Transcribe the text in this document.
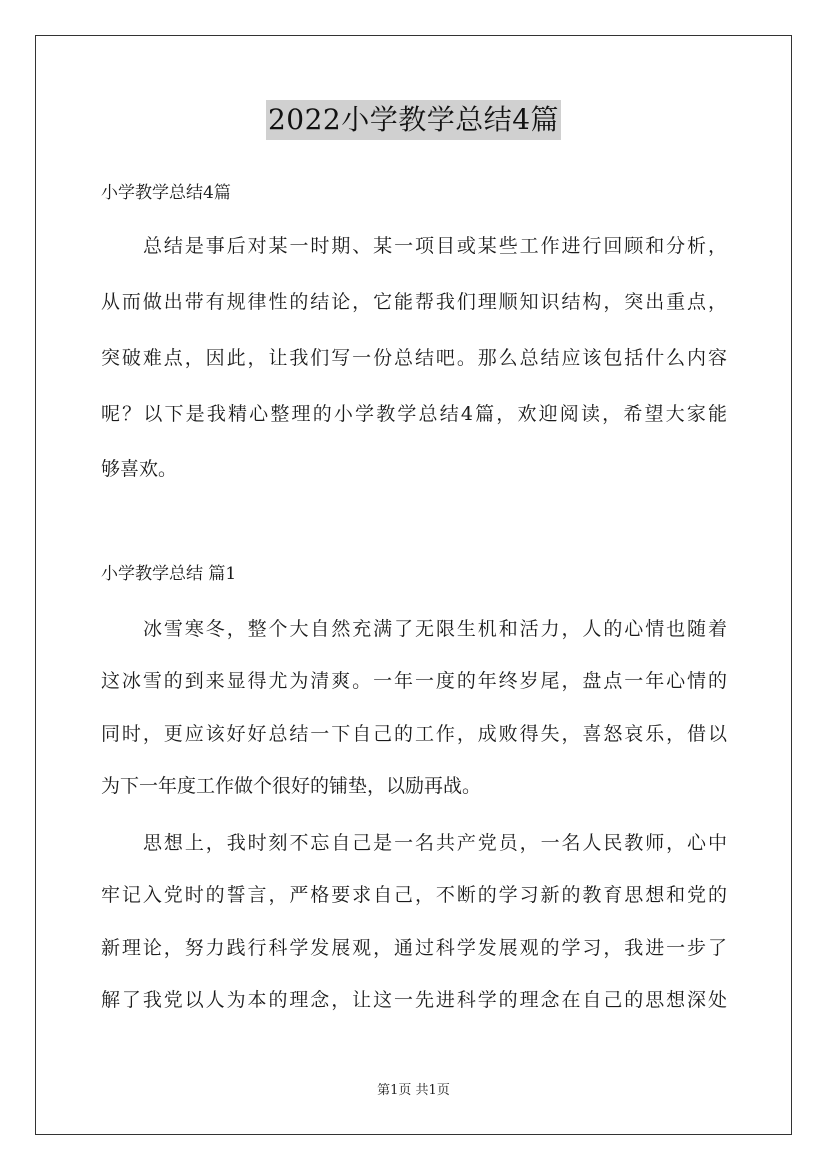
2022小学教学总结4篇
小学教学总结4篇
总结是事后对某一时期、某一项目或某些工作进行回顾和分析，
从而做出带有规律性的结论，它能帮我们理顺知识结构，突出重点，
突破难点，因此，让我们写一份总结吧。那么总结应该包括什么内容
呢？以下是我精心整理的小学教学总结4篇，欢迎阅读，希望大家能
够喜欢。
小学教学总结 篇1
冰雪寒冬，整个大自然充满了无限生机和活力，人的心情也随着
这冰雪的到来显得尤为清爽。一年一度的年终岁尾，盘点一年心情的
同时，更应该好好总结一下自己的工作，成败得失，喜怒哀乐，借以
为下一年度工作做个很好的铺垫，以励再战。
思想上，我时刻不忘自己是一名共产党员，一名人民教师，心中
牢记入党时的誓言，严格要求自己，不断的学习新的教育思想和党的
新理论，努力践行科学发展观，通过科学发展观的学习，我进一步了
解了我党以人为本的理念，让这一先进科学的理念在自己的思想深处
第1页 共1页
